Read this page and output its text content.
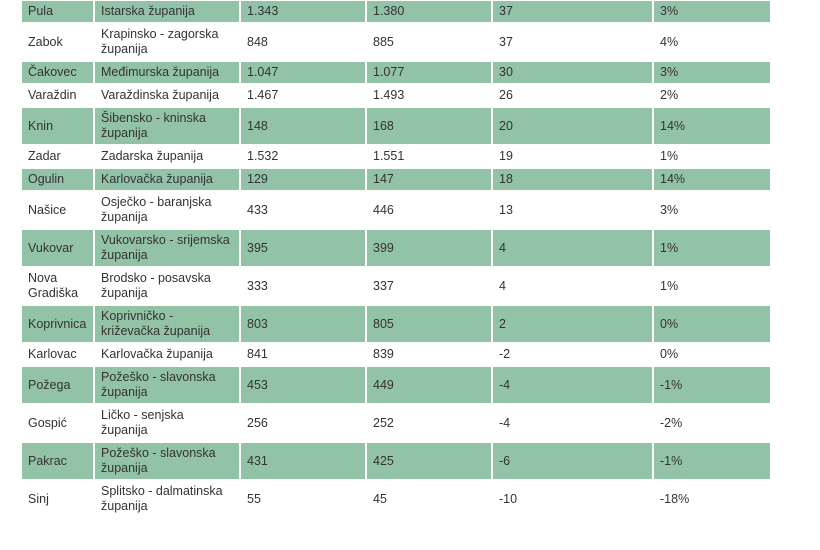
Pula	Istarska županija	1.343	1.380	37	3%
Zabok	Krapinsko - zagorska županija	848	885	37	4%
Čakovec	Međimurska županija	1.047	1.077	30	3%
Varaždin	Varaždinska županija	1.467	1.493	26	2%
Knin	Šibensko - kninska županija	148	168	20	14%
Zadar	Zadarska županija	1.532	1.551	19	1%
Ogulin	Karlovačka županija	129	147	18	14%
Našice	Osječko - baranjska županija	433	446	13	3%
Vukovar	Vukovarsko - srijemska županija	395	399	4	1%
Nova Gradiška	Brodsko - posavska županija	333	337	4	1%
Koprivnica	Koprivničko - križevačka županija	803	805	2	0%
Karlovac	Karlovačka županija	841	839	-2	0%
Požega	Požeško - slavonska županija	453	449	-4	-1%
Gospić	Ličko - senjska županija	256	252	-4	-2%
Pakrac	Požeško - slavonska županija	431	425	-6	-1%
Sinj	Splitsko - dalmatinska županija	55	45	-10	-18%
